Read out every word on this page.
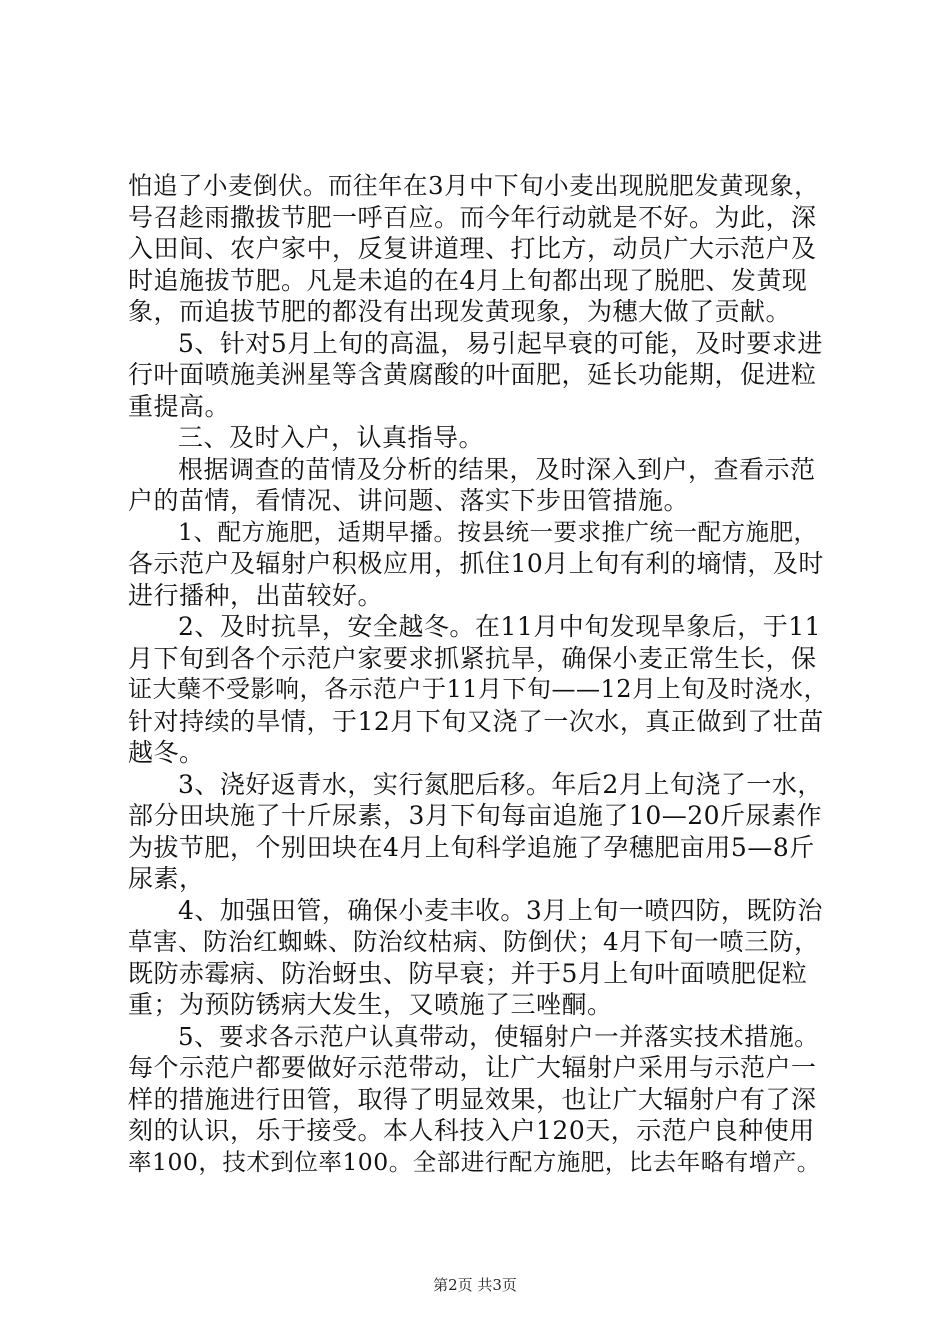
怕追了小麦倒伏。而往年在3月中下旬小麦出现脱肥发黄现象，
号召趁雨撒拔节肥一呼百应。而今年行动就是不好。为此，深
入田间、农户家中，反复讲道理、打比方，动员广大示范户及
时追施拔节肥。凡是未追的在4月上旬都出现了脱肥、发黄现
象，而追拔节肥的都没有出现发黄现象，为穗大做了贡献。
5、针对5月上旬的高温，易引起早衰的可能，及时要求进
行叶面喷施美洲星等含黄腐酸的叶面肥，延长功能期，促进粒
重提高。
三、及时入户，认真指导。
根据调查的苗情及分析的结果，及时深入到户，查看示范
户的苗情，看情况、讲问题、落实下步田管措施。
1、配方施肥，适期早播。按县统一要求推广统一配方施肥，
各示范户及辐射户积极应用，抓住10月上旬有利的墒情，及时
进行播种，出苗较好。
2、及时抗旱，安全越冬。在11月中旬发现旱象后，于11
月下旬到各个示范户家要求抓紧抗旱，确保小麦正常生长，保
证大蘖不受影响，各示范户于11月下旬——12月上旬及时浇水，
针对持续的旱情，于12月下旬又浇了一次水，真正做到了壮苗
越冬。
3、浇好返青水，实行氮肥后移。年后2月上旬浇了一水，
部分田块施了十斤尿素，3月下旬每亩追施了10—20斤尿素作
为拔节肥，个别田块在4月上旬科学追施了孕穗肥亩用5—8斤
尿素，
4、加强田管，确保小麦丰收。3月上旬一喷四防，既防治
草害、防治红蜘蛛、防治纹枯病、防倒伏；4月下旬一喷三防，
既防赤霉病、防治蚜虫、防早衰；并于5月上旬叶面喷肥促粒
重；为预防锈病大发生，又喷施了三唑酮。
5、要求各示范户认真带动，使辐射户一并落实技术措施。
每个示范户都要做好示范带动，让广大辐射户采用与示范户一
样的措施进行田管，取得了明显效果，也让广大辐射户有了深
刻的认识，乐于接受。本人科技入户120天，示范户良种使用
率100，技术到位率100。全部进行配方施肥，比去年略有增产。
第2页 共3页
